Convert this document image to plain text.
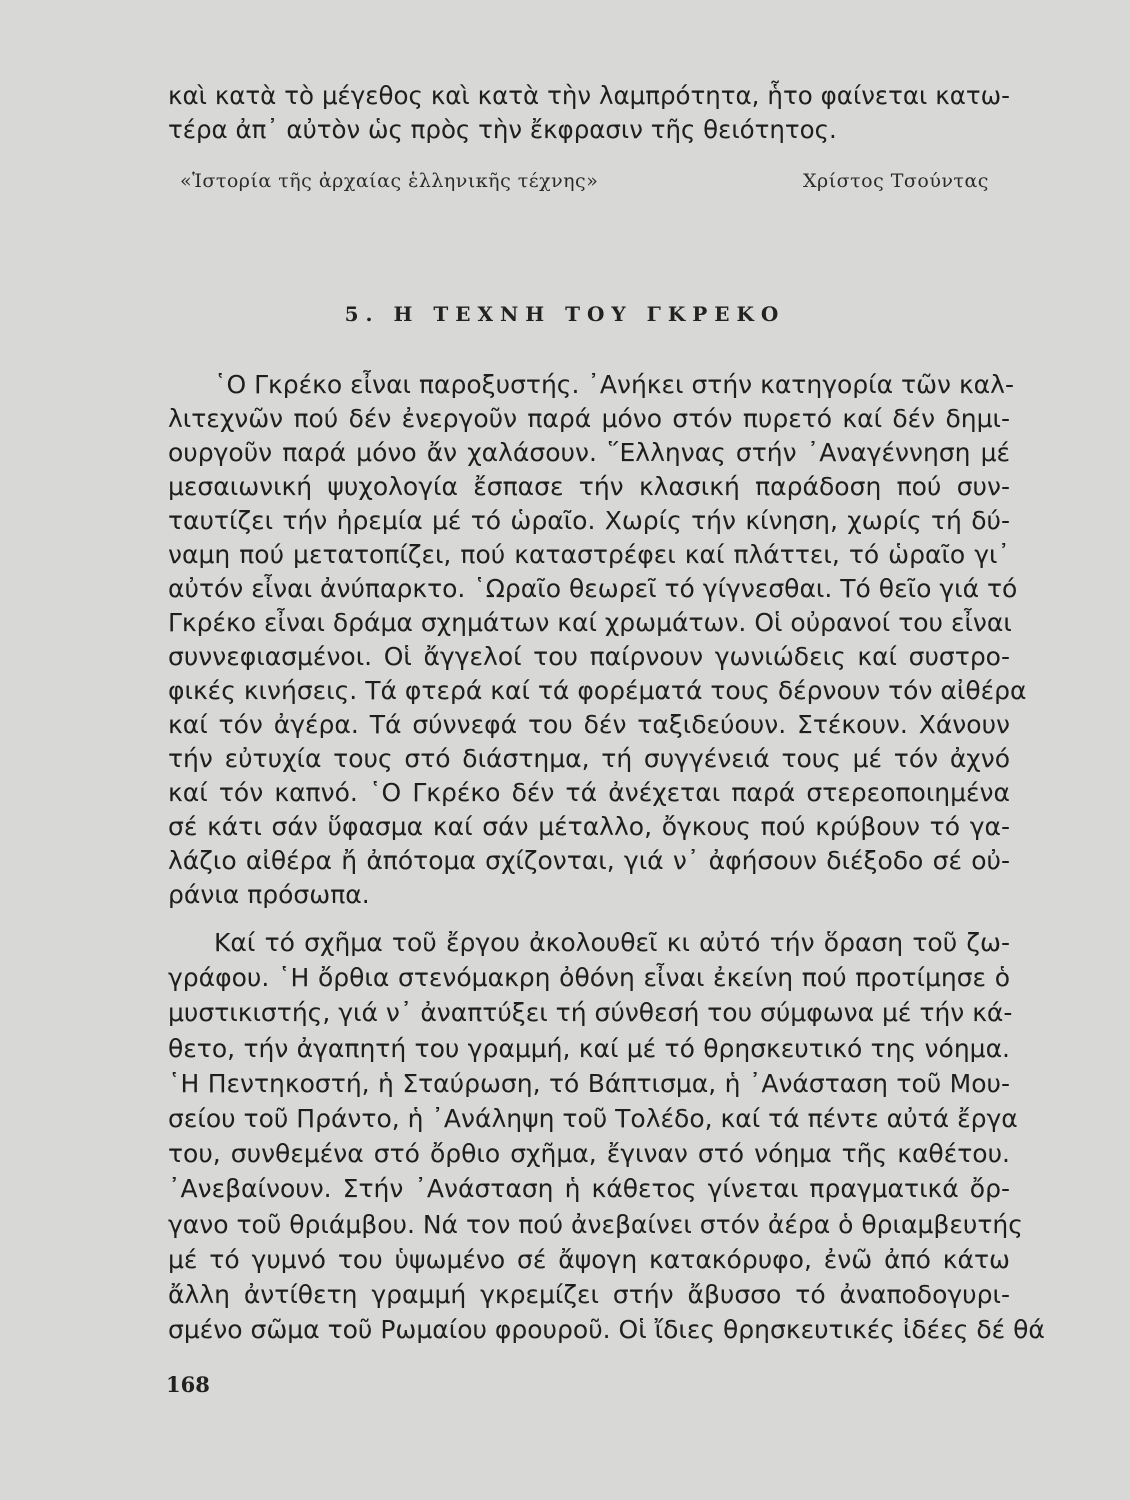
καὶ κατὰ τὸ μέγεθος καὶ κατὰ τὴν λαμπρότητα, ἧτο φαίνεται κατω-
τέρα ἀπ᾽ αὐτὸν ὡς πρὸς τὴν ἔκφρασιν τῆς θειότητος.
«Ἱστορία τῆς ἀρχαίας ἑλληνικῆς τέχνης»	Χρίστος Τσούντας
5. Η ΤΕΧΝΗ ΤΟΥ ΓΚΡΕΚΟ
῾Ο Γκρέκο εἶναι παροξυστής. ᾿Ανήκει στήν κατηγορία τῶν καλ-
λιτεχνῶν πού δέν ἐνεργοῦν παρά μόνο στόν πυρετό καί δέν δημι-
ουργοῦν παρά μόνο ἄν χαλάσουν. ῞Ελληνας στήν ᾿Αναγέννηση μέ
μεσαιωνική ψυχολογία ἔσπασε τήν κλασική παράδοση πού συν-
ταυτίζει τήν ἠρεμία μέ τό ὡραῖο. Χωρίς τήν κίνηση, χωρίς τή δύ-
ναμη πού μετατοπίζει, πού καταστρέφει καί πλάττει, τό ὡραῖο γι᾽
αὐτόν εἶναι ἀνύπαρκτο. ῾Ωραῖο θεωρεῖ τό γίγνεσθαι. Τό θεῖο γιά τό
Γκρέκο εἶναι δράμα σχημάτων καί χρωμάτων. Οἱ οὐρανοί του εἶναι
συννεφιασμένοι. Οἱ ἄγγελοί του παίρνουν γωνιώδεις καί συστρο-
φικές κινήσεις. Τά φτερά καί τά φορέματά τους δέρνουν τόν αἰθέρα
καί τόν ἀγέρα. Τά σύννεφά του δέν ταξιδεύουν. Στέκουν. Χάνουν
τήν εὐτυχία τους στό διάστημα, τή συγγένειά τους μέ τόν ἀχνό
καί τόν καπνό. ῾Ο Γκρέκο δέν τά ἀνέχεται παρά στερεοποιημένα
σέ κάτι σάν ὕφασμα καί σάν μέταλλο, ὄγκους πού κρύβουν τό γα-
λάζιο αἰθέρα ἤ ἀπότομα σχίζονται, γιά ν᾽ ἀφήσουν διέξοδο σέ οὐ-
ράνια πρόσωπα.
Καί τό σχῆμα τοῦ ἔργου ἀκολουθεῖ κι αὐτό τήν ὅραση τοῦ ζω-
γράφου. ῾Η ὄρθια στενόμακρη ὀθόνη εἶναι ἐκείνη πού προτίμησε ὁ
μυστικιστής, γιά ν᾽ ἀναπτύξει τή σύνθεσή του σύμφωνα μέ τήν κά-
θετο, τήν ἀγαπητή του γραμμή, καί μέ τό θρησκευτικό της νόημα.
῾Η Πεντηκοστή, ἡ Σταύρωση, τό Βάπτισμα, ἡ ᾿Ανάσταση τοῦ Μου-
σείου τοῦ Πράντο, ἡ ᾿Ανάληψη τοῦ Τολέδο, καί τά πέντε αὐτά ἔργα
του, συνθεμένα στό ὄρθιο σχῆμα, ἔγιναν στό νόημα τῆς καθέτου.
᾿Ανεβαίνουν. Στήν ᾿Ανάσταση ἡ κάθετος γίνεται πραγματικά ὄρ-
γανο τοῦ θριάμβου. Νά τον πού ἀνεβαίνει στόν ἀέρα ὁ θριαμβευτής
μέ τό γυμνό του ὑψωμένο σέ ἄψογη κατακόρυφο, ἐνῶ ἀπό κάτω
ἄλλη ἀντίθετη γραμμή γκρεμίζει στήν ἄβυσσο τό ἀναποδογυρι-
σμένο σῶμα τοῦ Ρωμαίου φρουροῦ. Οἱ ἴδιες θρησκευτικές ἰδέες δέ θά
168
